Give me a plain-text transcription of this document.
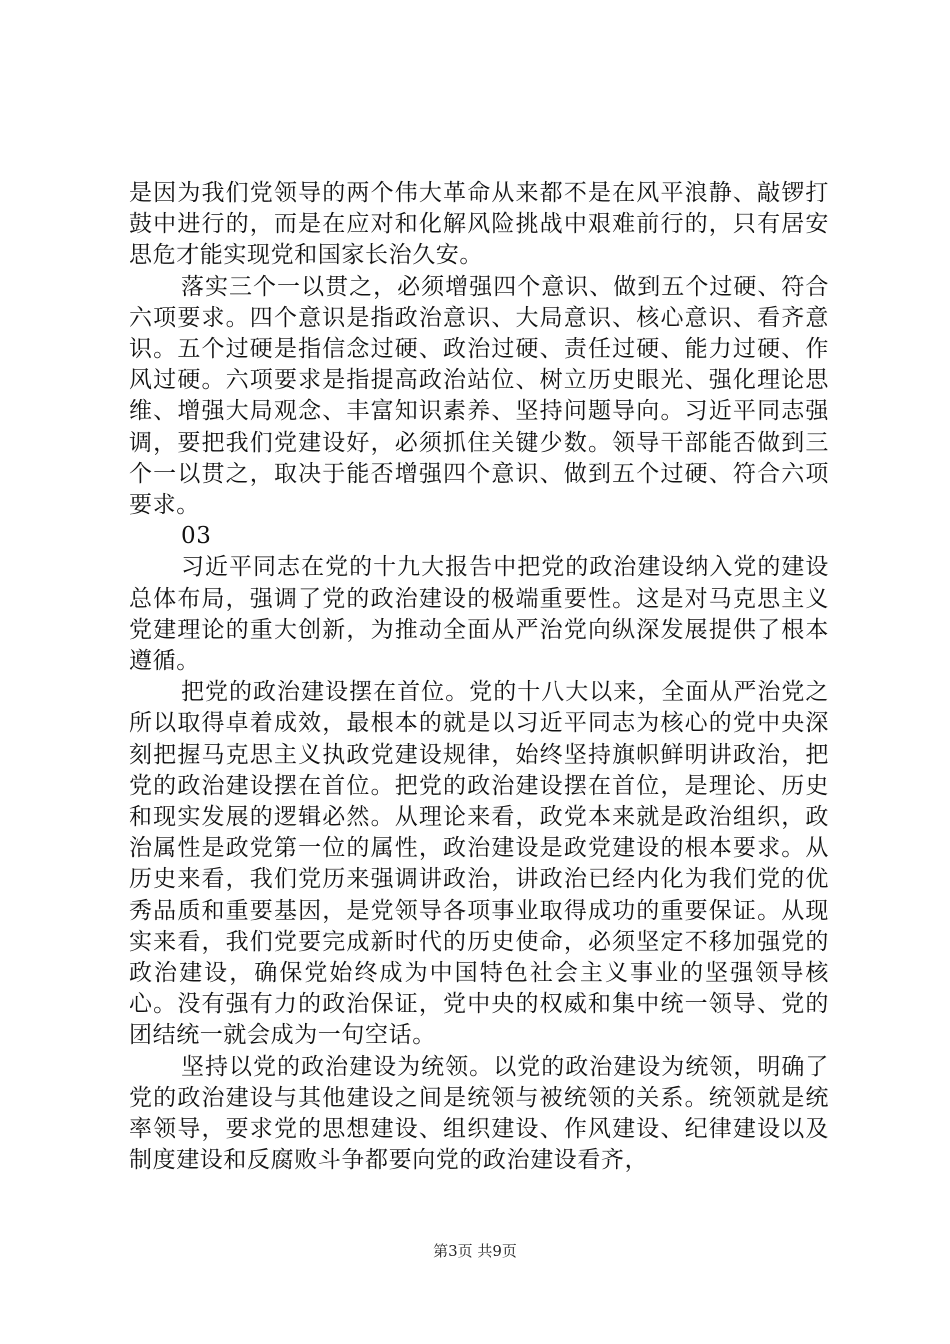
是因为我们党领导的两个伟大革命从来都不是在风平浪静、敲锣打鼓中进行的，而是在应对和化解风险挑战中艰难前行的，只有居安思危才能实现党和国家长治久安。

落实三个一以贯之，必须增强四个意识、做到五个过硬、符合六项要求。四个意识是指政治意识、大局意识、核心意识、看齐意识。五个过硬是指信念过硬、政治过硬、责任过硬、能力过硬、作风过硬。六项要求是指提高政治站位、树立历史眼光、强化理论思维、增强大局观念、丰富知识素养、坚持问题导向。习近平同志强调，要把我们党建设好，必须抓住关键少数。领导干部能否做到三个一以贯之，取决于能否增强四个意识、做到五个过硬、符合六项要求。

03

习近平同志在党的十九大报告中把党的政治建设纳入党的建设总体布局，强调了党的政治建设的极端重要性。这是对马克思主义党建理论的重大创新，为推动全面从严治党向纵深发展提供了根本遵循。

把党的政治建设摆在首位。党的十八大以来，全面从严治党之所以取得卓着成效，最根本的就是以习近平同志为核心的党中央深刻把握马克思主义执政党建设规律，始终坚持旗帜鲜明讲政治，把党的政治建设摆在首位。把党的政治建设摆在首位，是理论、历史和现实发展的逻辑必然。从理论来看，政党本来就是政治组织，政治属性是政党第一位的属性，政治建设是政党建设的根本要求。从历史来看，我们党历来强调讲政治，讲政治已经内化为我们党的优秀品质和重要基因，是党领导各项事业取得成功的重要保证。从现实来看，我们党要完成新时代的历史使命，必须坚定不移加强党的政治建设，确保党始终成为中国特色社会主义事业的坚强领导核心。没有强有力的政治保证，党中央的权威和集中统一领导、党的团结统一就会成为一句空话。

坚持以党的政治建设为统领。以党的政治建设为统领，明确了党的政治建设与其他建设之间是统领与被统领的关系。统领就是统率领导，要求党的思想建设、组织建设、作风建设、纪律建设以及制度建设和反腐败斗争都要向党的政治建设看齐，

第3页 共9页
